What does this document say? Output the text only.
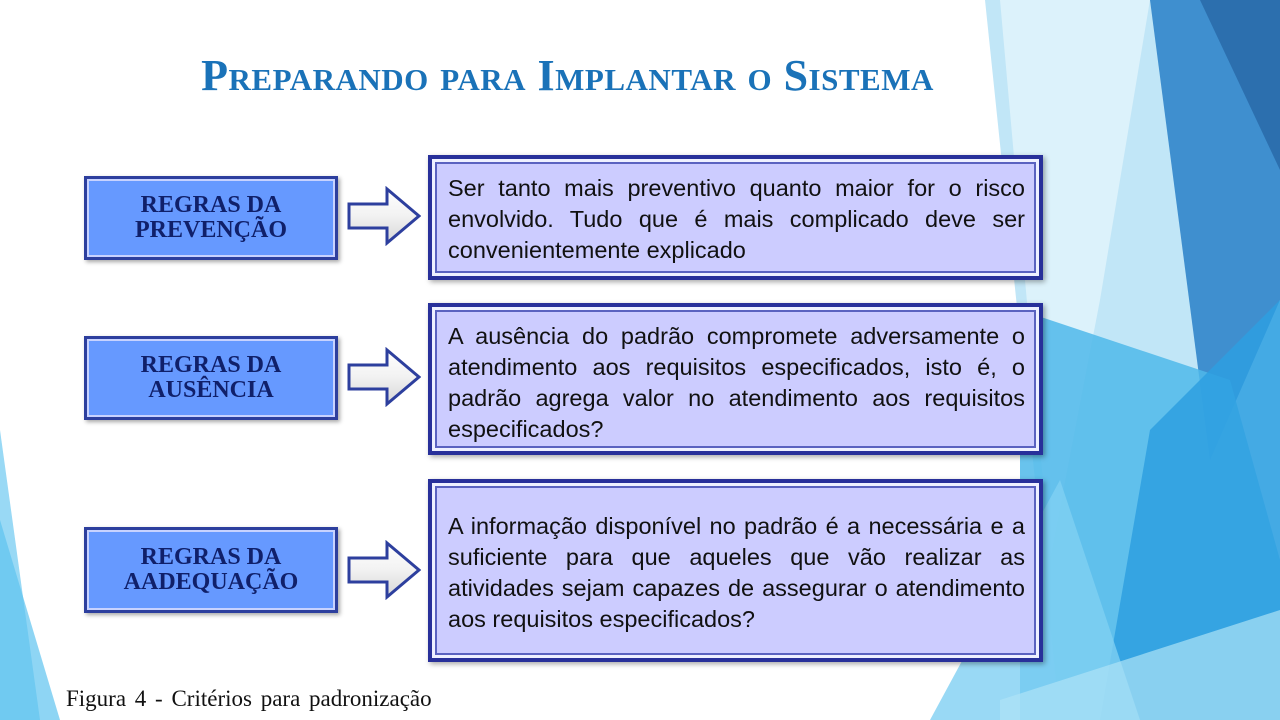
Preparando para Implantar o Sistema
REGRAS DA
PREVENÇÃO

Ser tanto mais preventivo quanto maior for o risco envolvido. Tudo que é mais complicado deve ser convenientemente explicado

REGRAS DA
AUSÊNCIA

A ausência do padrão compromete adversamente o atendimento aos requisitos especificados, isto é, o padrão agrega valor no atendimento aos requisitos especificados?

REGRAS DA
AADEQUAÇÃO

A informação disponível no padrão é a necessária e a suficiente para que aqueles que vão realizar as atividades sejam capazes de assegurar o atendimento aos requisitos especificados?

Figura 4 - Critérios para padronização
